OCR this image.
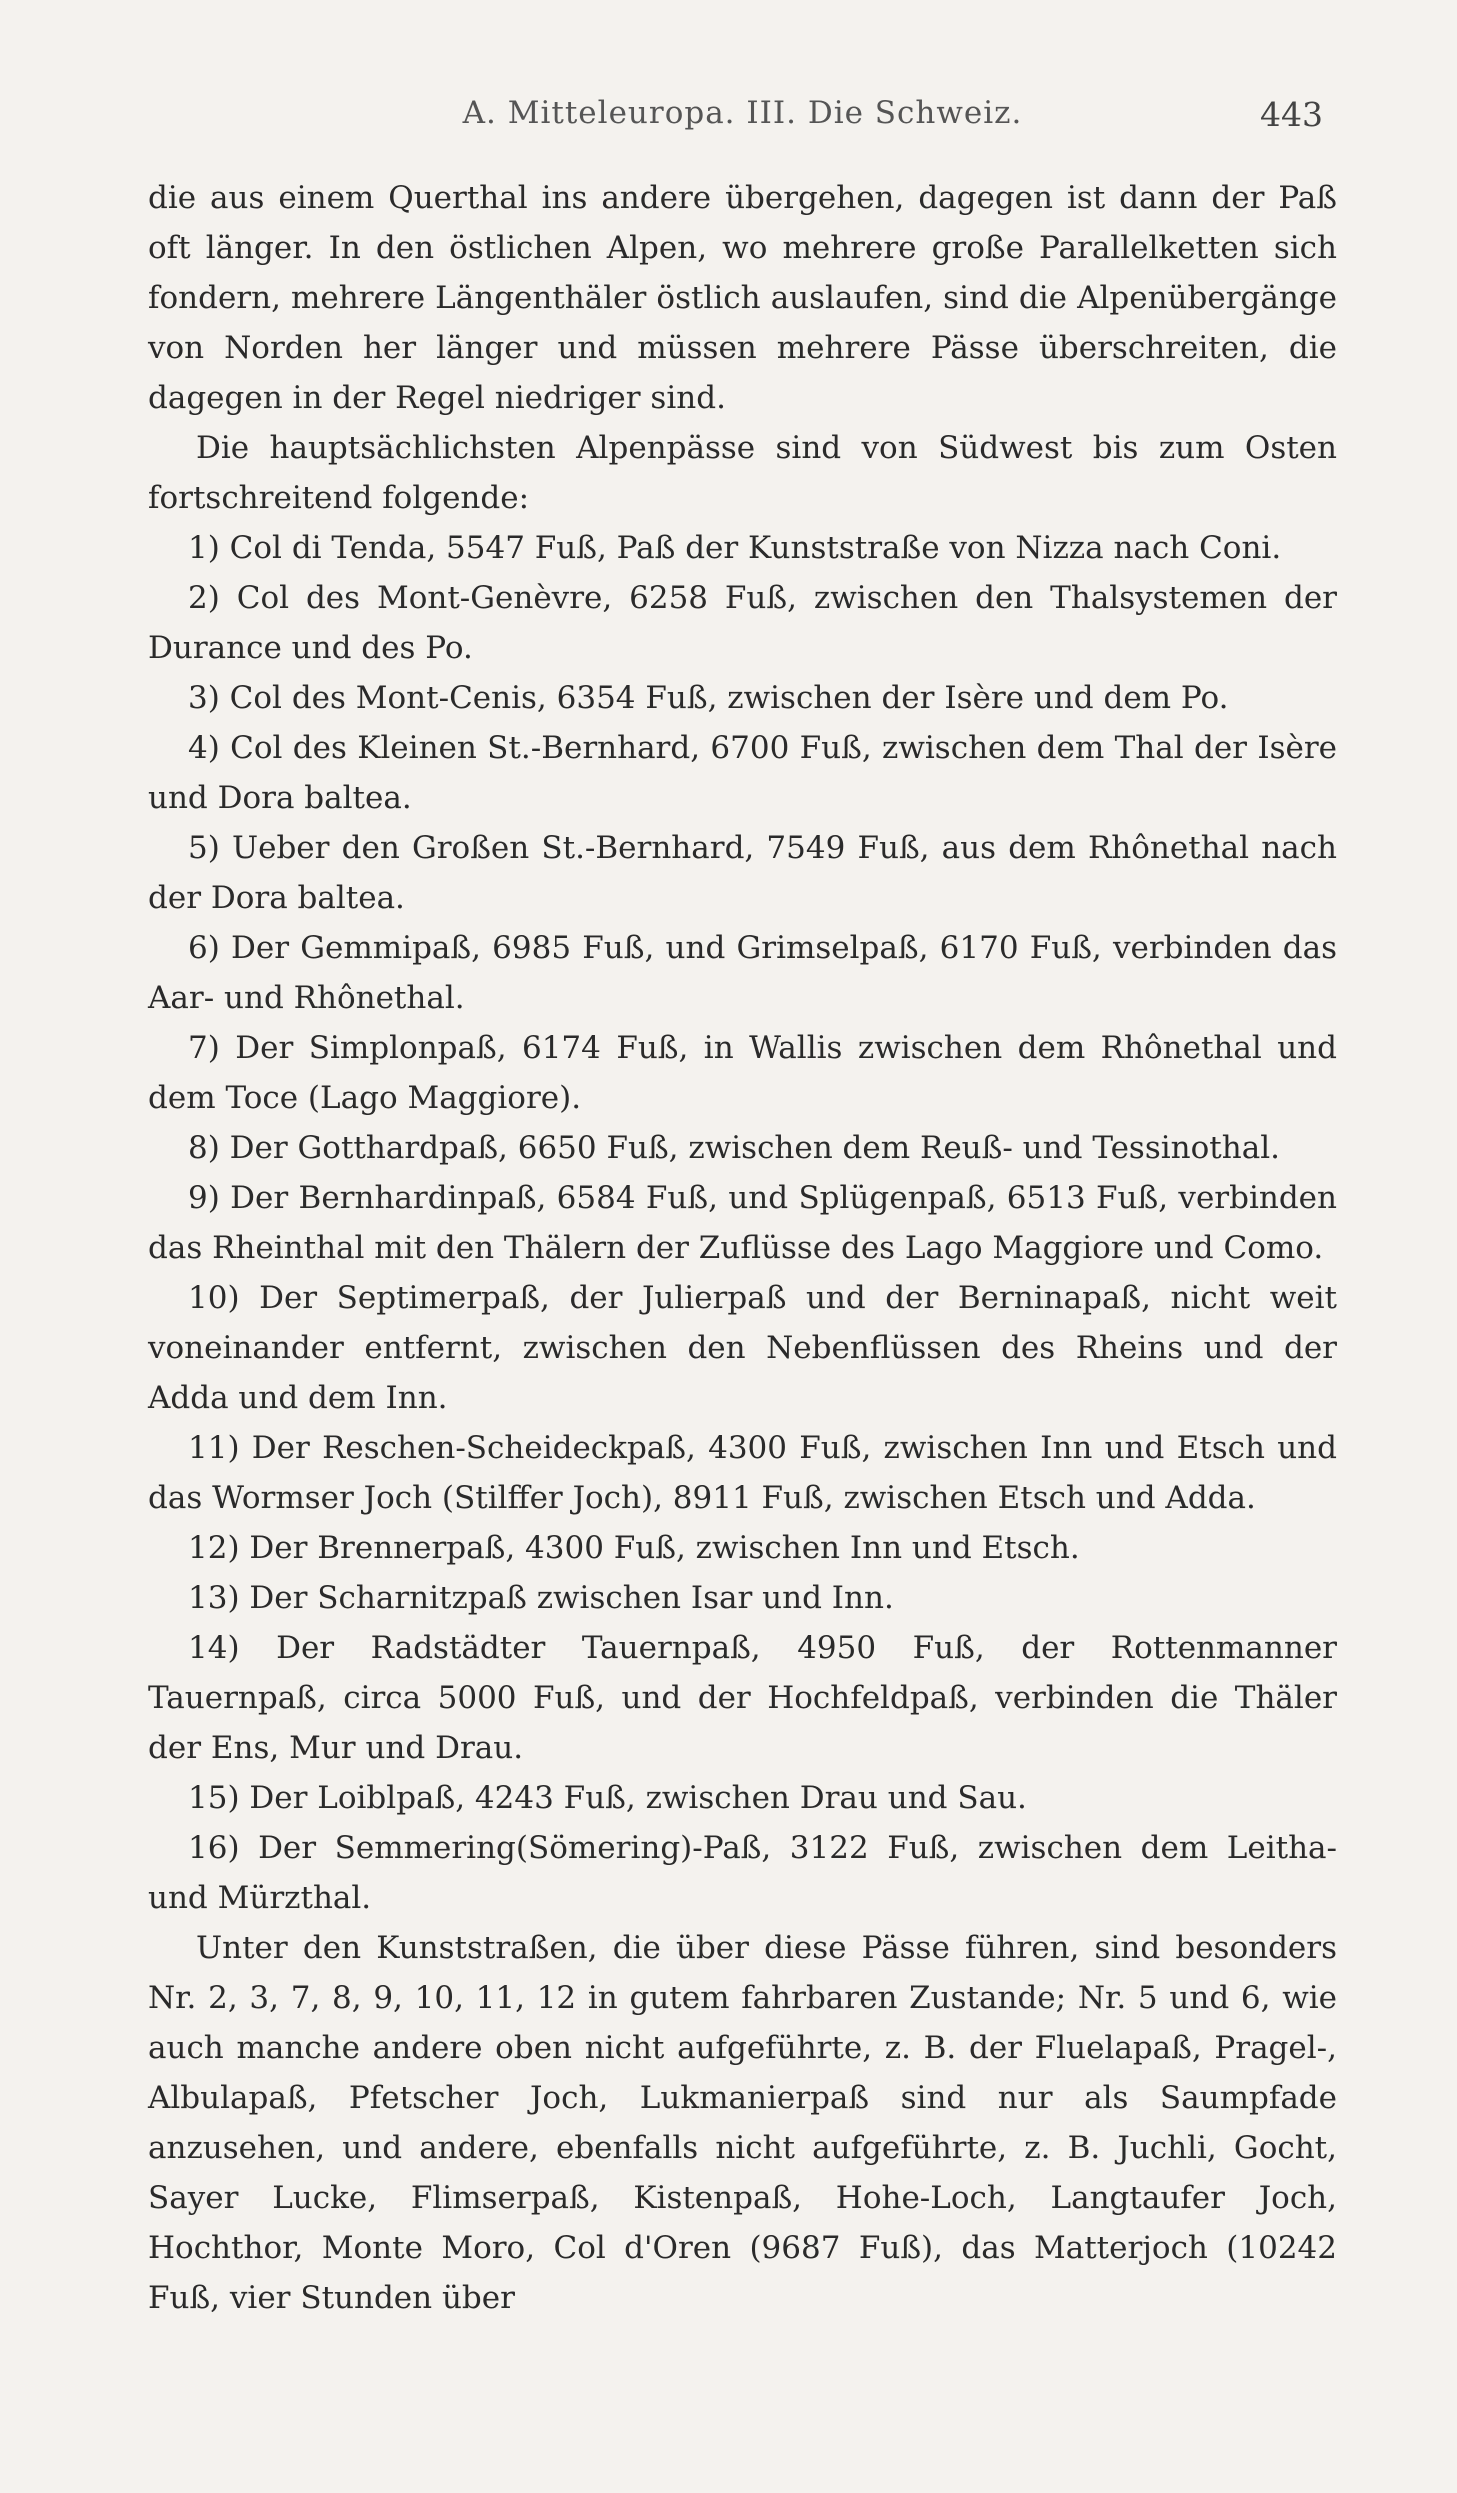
A. Mitteleuropa. III. Die Schweiz.	443

die aus einem Querthal ins andere übergehen, dagegen ist dann der Paß oft länger. In den östlichen Alpen, wo mehrere große Parallelketten sich fondern, mehrere Längenthäler östlich auslaufen, sind die Alpenübergänge von Norden her länger und müssen mehrere Pässe überschreiten, die dagegen in der Regel niedriger sind.

Die hauptsächlichsten Alpenpässe sind von Südwest bis zum Osten fortschreitend folgende:

1) Col di Tenda, 5547 Fuß, Paß der Kunststraße von Nizza nach Coni.

2) Col des Mont-Genèvre, 6258 Fuß, zwischen den Thalsystemen der Durance und des Po.

3) Col des Mont-Cenis, 6354 Fuß, zwischen der Isère und dem Po.

4) Col des Kleinen St.-Bernhard, 6700 Fuß, zwischen dem Thal der Isère und Dora baltea.

5) Ueber den Großen St.-Bernhard, 7549 Fuß, aus dem Rhônethal nach der Dora baltea.

6) Der Gemmipaß, 6985 Fuß, und Grimselpaß, 6170 Fuß, verbinden das Aar- und Rhônethal.

7) Der Simplonpaß, 6174 Fuß, in Wallis zwischen dem Rhônethal und dem Toce (Lago Maggiore).

8) Der Gotthardpaß, 6650 Fuß, zwischen dem Reuß- und Tessinothal.

9) Der Bernhardinpaß, 6584 Fuß, und Splügenpaß, 6513 Fuß, verbinden das Rheinthal mit den Thälern der Zuflüsse des Lago Maggiore und Como.

10) Der Septimerpaß, der Julierpaß und der Berninapaß, nicht weit voneinander entfernt, zwischen den Nebenflüssen des Rheins und der Adda und dem Inn.

11) Der Reschen-Scheideckpaß, 4300 Fuß, zwischen Inn und Etsch und das Wormser Joch (Stilffer Joch), 8911 Fuß, zwischen Etsch und Adda.

12) Der Brennerpaß, 4300 Fuß, zwischen Inn und Etsch.

13) Der Scharnitzpaß zwischen Isar und Inn.

14) Der Radstädter Tauernpaß, 4950 Fuß, der Rottenmanner Tauernpaß, circa 5000 Fuß, und der Hochfeldpaß, verbinden die Thäler der Ens, Mur und Drau.

15) Der Loiblpaß, 4243 Fuß, zwischen Drau und Sau.

16) Der Semmering(Sömering)-Paß, 3122 Fuß, zwischen dem Leitha- und Mürzthal.

Unter den Kunststraßen, die über diese Pässe führen, sind besonders Nr. 2, 3, 7, 8, 9, 10, 11, 12 in gutem fahrbaren Zustande; Nr. 5 und 6, wie auch manche andere oben nicht aufgeführte, z. B. der Fluelapaß, Pragel-, Albulapaß, Pfetscher Joch, Lukmanierpaß sind nur als Saumpfade anzusehen, und andere, ebenfalls nicht aufgeführte, z. B. Juchli, Gocht, Sayer Lucke, Flimserpaß, Kistenpaß, Hohe-Loch, Langtaufer Joch, Hochthor, Monte Moro, Col d'Oren (9687 Fuß), das Matterjoch (10242 Fuß, vier Stunden über
